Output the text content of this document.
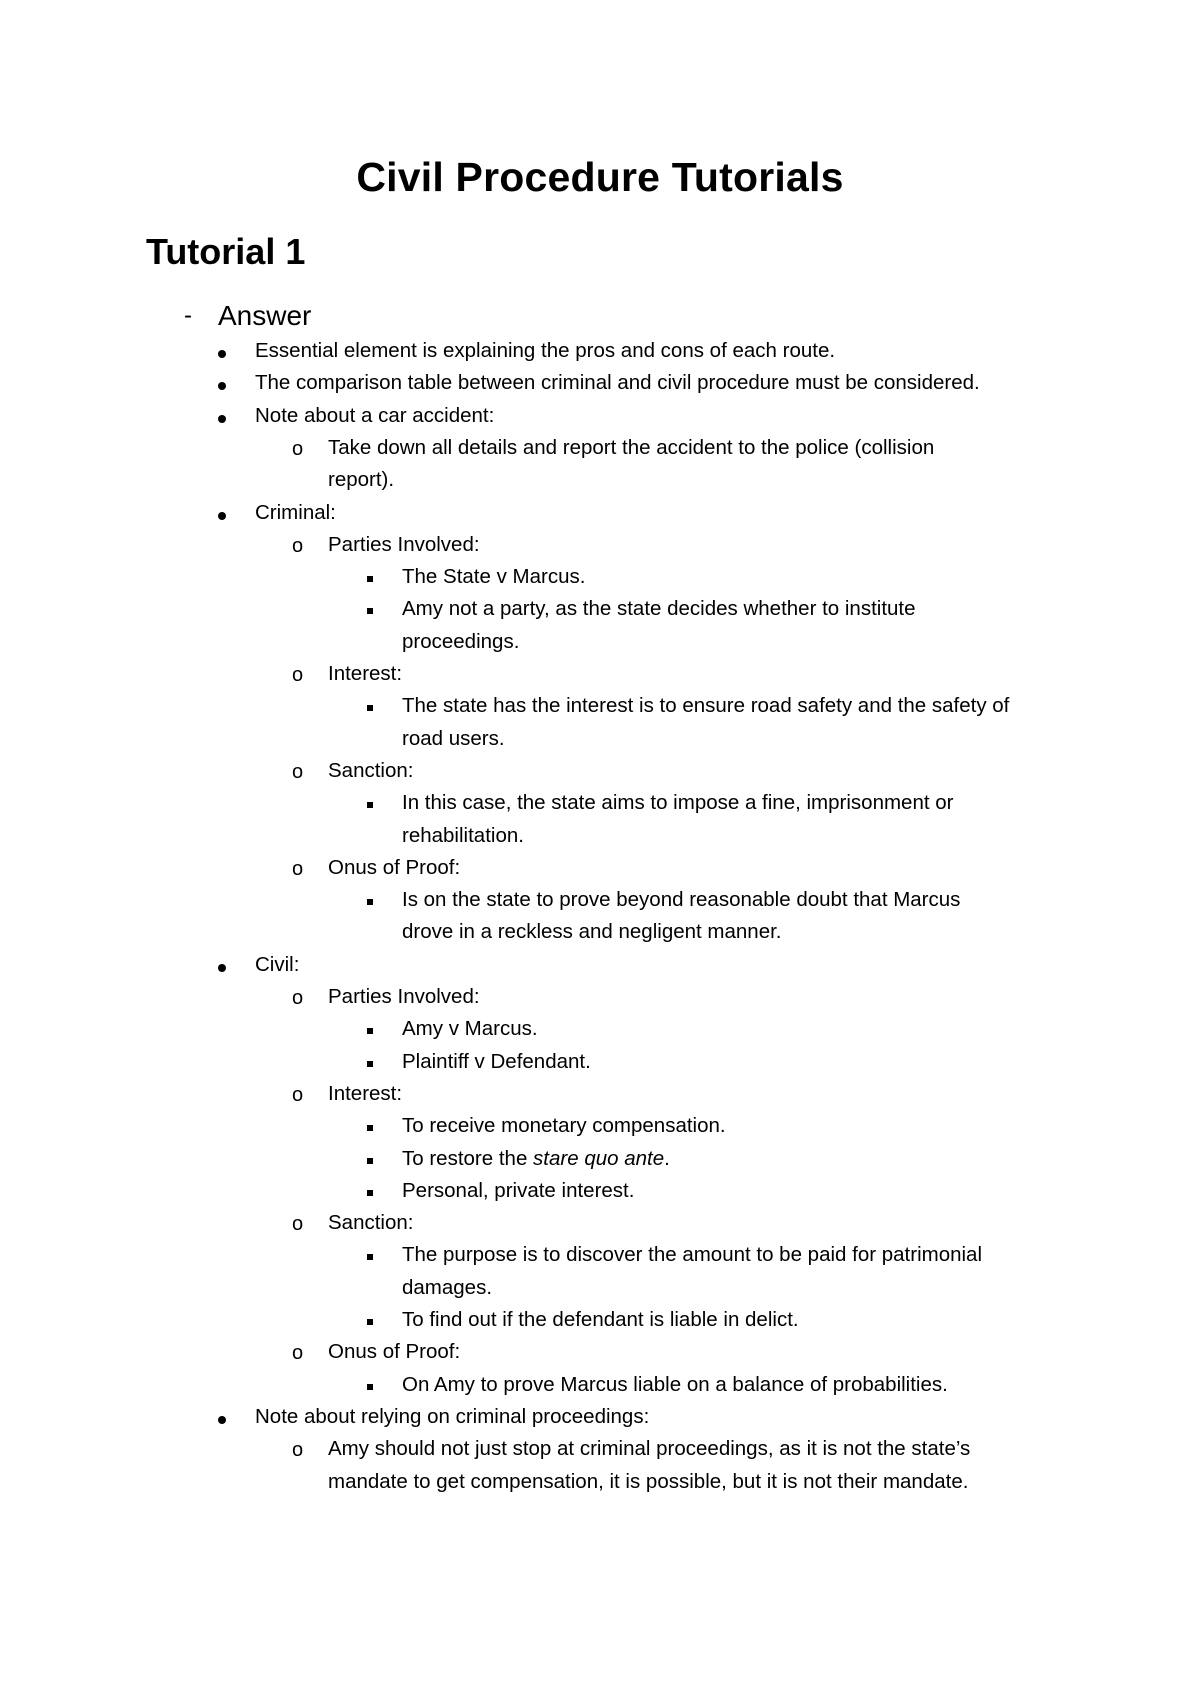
Civil Procedure Tutorials
Tutorial 1
- Answer
Essential element is explaining the pros and cons of each route.
The comparison table between criminal and civil procedure must be considered.
Note about a car accident:
o Take down all details and report the accident to the police (collision
report).
Criminal:
o Parties Involved:
The State v Marcus.
Amy not a party, as the state decides whether to institute
proceedings.
o Interest:
The state has the interest is to ensure road safety and the safety of
road users.
o Sanction:
In this case, the state aims to impose a fine, imprisonment or
rehabilitation.
o Onus of Proof:
Is on the state to prove beyond reasonable doubt that Marcus
drove in a reckless and negligent manner.
Civil:
o Parties Involved:
Amy v Marcus.
Plaintiff v Defendant.
o Interest:
To receive monetary compensation.
To restore the stare quo ante.
Personal, private interest.
o Sanction:
The purpose is to discover the amount to be paid for patrimonial
damages.
To find out if the defendant is liable in delict.
o Onus of Proof:
On Amy to prove Marcus liable on a balance of probabilities.
Note about relying on criminal proceedings:
o Amy should not just stop at criminal proceedings, as it is not the state’s
mandate to get compensation, it is possible, but it is not their mandate.
